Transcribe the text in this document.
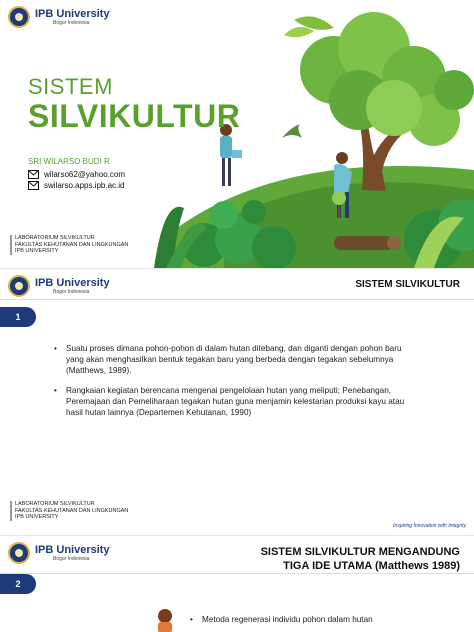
IPB University
Bogor Indonesia
SISTEM
SILVIKULTUR
SRI WILARSO BUDI R
wilarso62@yahoo.com
swilarso.apps.ipb.ac.id
LABORATORIUM SILVIKULTUR
FAKULTAS KEHUTANAN DAN LINGKUNGAN
IPB UNIVERSITY
IPB University
Bogor Indonesia
SISTEM SILVIKULTUR
1
•	Suatu proses dimana pohon-pohon di dalam hutan ditebang, dan diganti dengan pohon baru yang akan menghasilkan bentuk tegakan baru yang berbeda dengan tegakan sebelumnya (Matthews, 1989).
•	Rangkaian kegiatan berencana mengenai pengelolaan hutan yang meliputi; Penebangan, Peremajaan dan Pemeliharaan tegakan hutan guna menjamin kelestarian produksi kayu atau hasil hutan lainnya (Departemen Kehutanan, 1990)
LABORATORIUM SILVIKULTUR
FAKULTAS KEHUTANAN DAN LINGKUNGAN
IPB UNIVERSITY
Inspiring Innovation with Integrity
IPB University
Bogor Indonesia
SISTEM SILVIKULTUR MENGANDUNG
TIGA IDE UTAMA (Matthews 1989)
2
•	Metoda regenerasi individu pohon dalam hutan
